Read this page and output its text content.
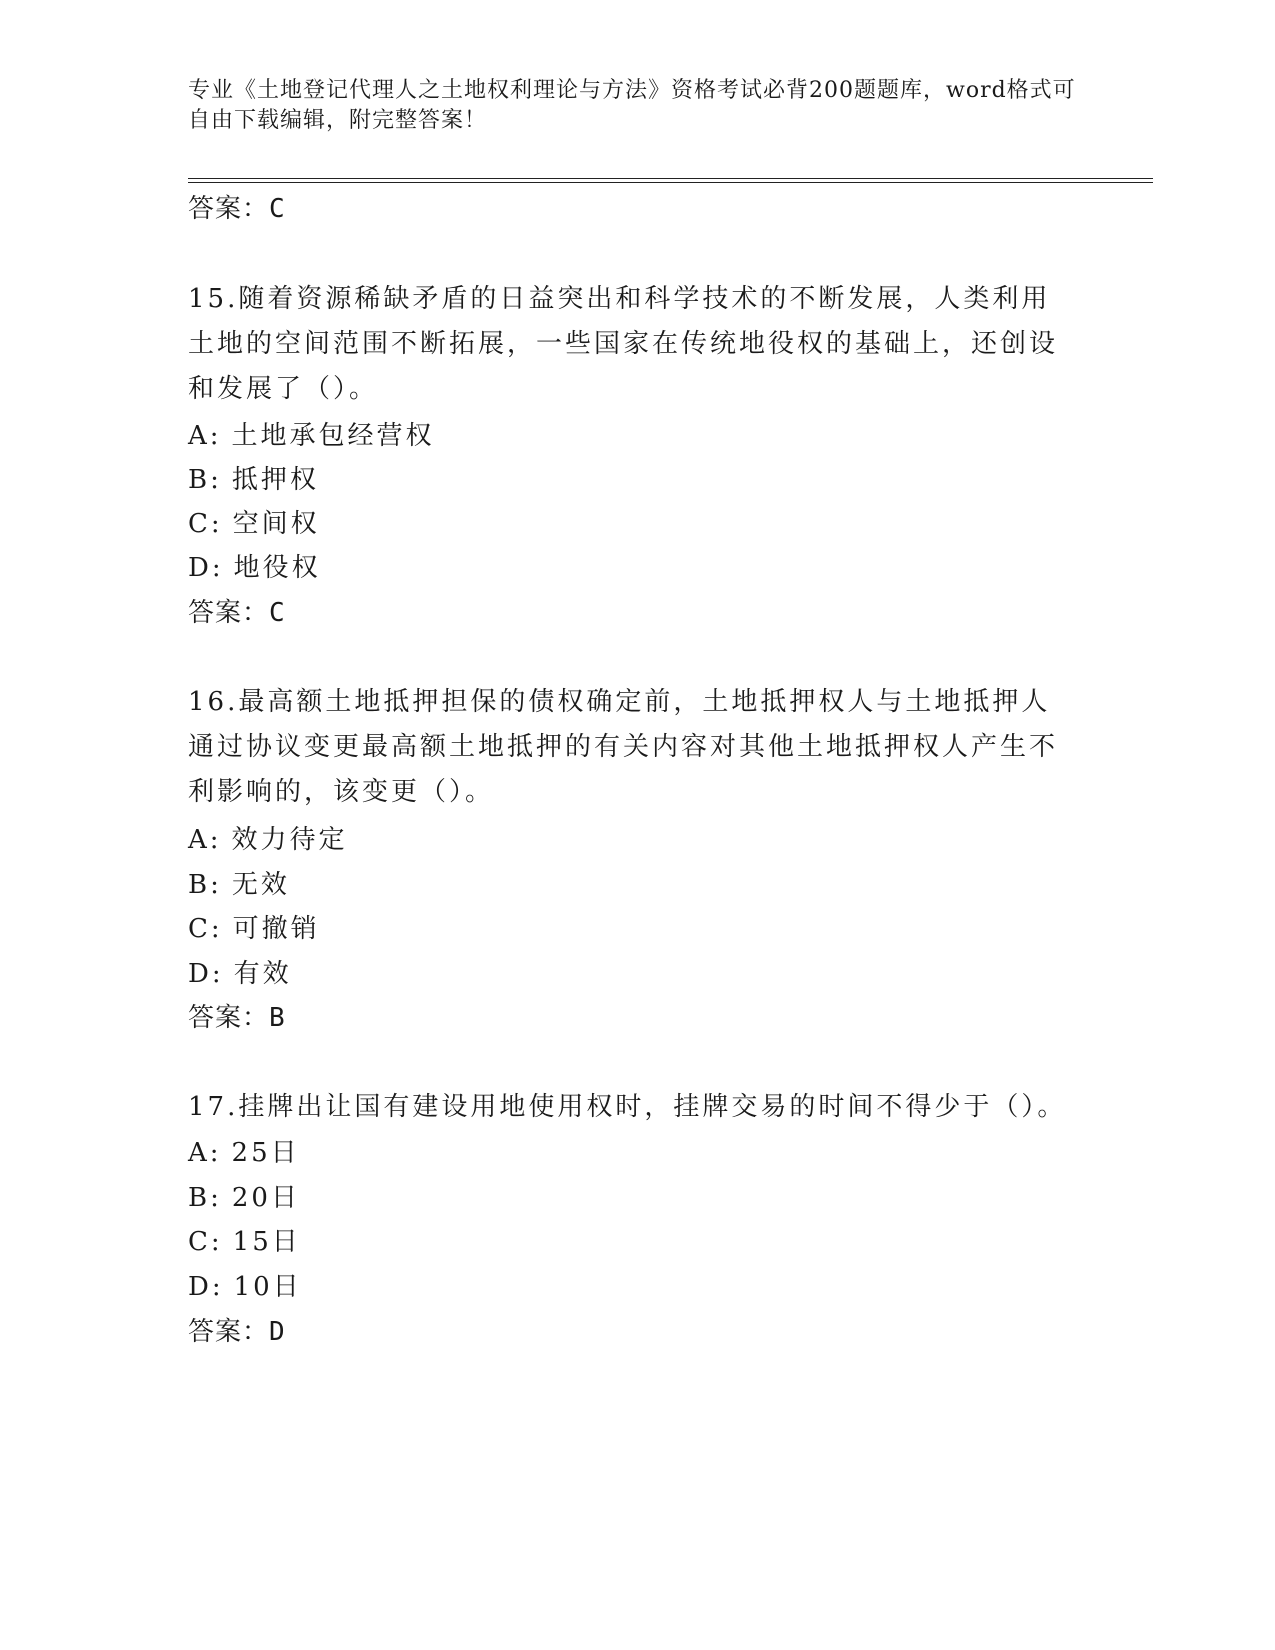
专业《土地登记代理人之土地权利理论与方法》资格考试必背200题题库，word格式可自由下载编辑，附完整答案！
答案：C
15.随着资源稀缺矛盾的日益突出和科学技术的不断发展，人类利用土地的空间范围不断拓展，一些国家在传统地役权的基础上，还创设和发展了（）。
A: 土地承包经营权
B: 抵押权
C: 空间权
D: 地役权
答案：C
16.最高额土地抵押担保的债权确定前，土地抵押权人与土地抵押人通过协议变更最高额土地抵押的有关内容对其他土地抵押权人产生不利影响的，该变更（）。
A: 效力待定
B: 无效
C: 可撤销
D: 有效
答案：B
17.挂牌出让国有建设用地使用权时，挂牌交易的时间不得少于（）。
A: 25日
B: 20日
C: 15日
D: 10日
答案：D
